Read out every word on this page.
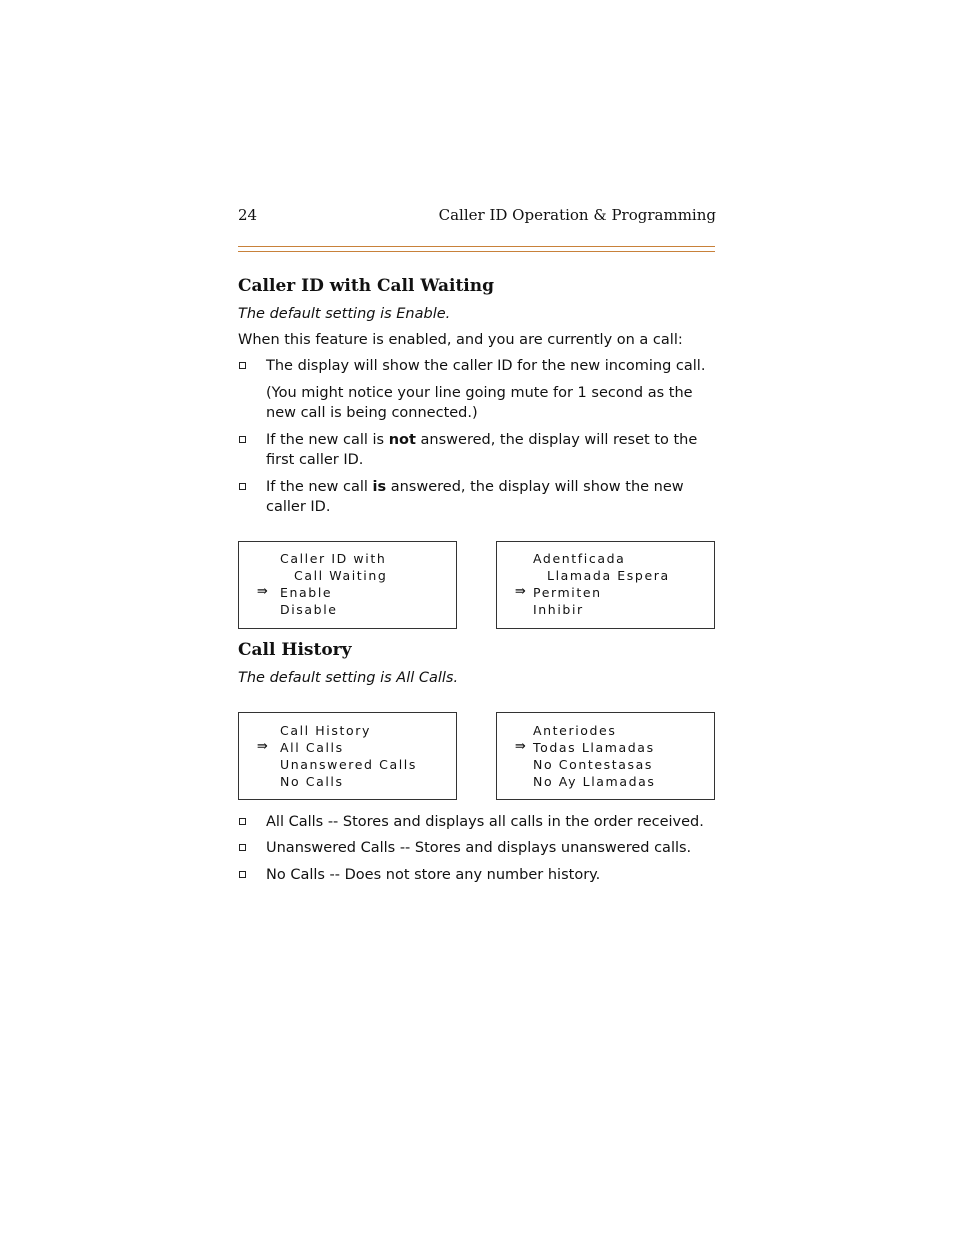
24	Caller ID Operation & Programming
Caller ID with Call Waiting

The default setting is Enable.

When this feature is enabled, and you are currently on a call:

The display will show the caller ID for the new incoming call.
(You might notice your line going mute for 1 second as the new call is being connected.)
If the new call is not answered, the display will reset to the first caller ID.
If the new call is answered, the display will show the new caller ID.
Caller ID with
Call Waiting
⇛ Enable
Disable
Adentficada
Llamada Espera
⇛ Permiten
Inhibir
Call History

The default setting is All Calls.

Call History
⇛ All Calls
Unanswered Calls
No Calls
Anteriodes
⇛ Todas Llamadas
No Contestasas
No Ay Llamadas
All Calls -- Stores and displays all calls in the order received.
Unanswered Calls -- Stores and displays unanswered calls.
No Calls -- Does not store any number history.
